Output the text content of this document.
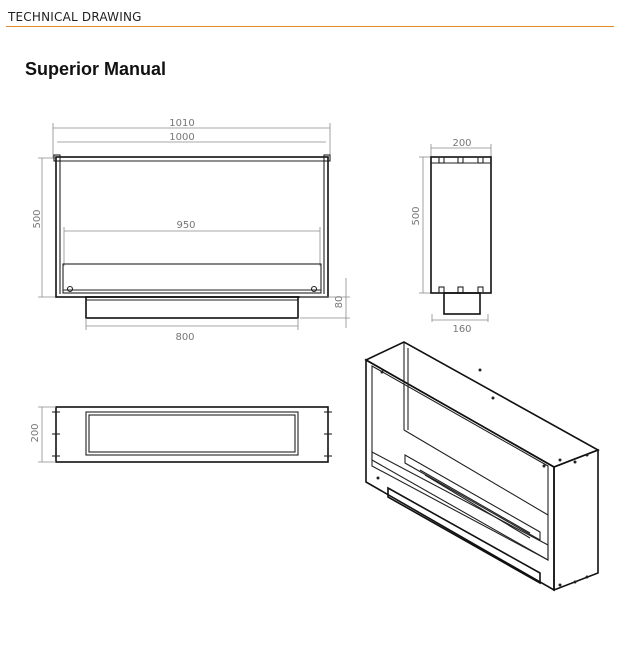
TECHNICAL DRAWING
Superior Manual
1010
1000
500	950
80
800
200
500
160
200
